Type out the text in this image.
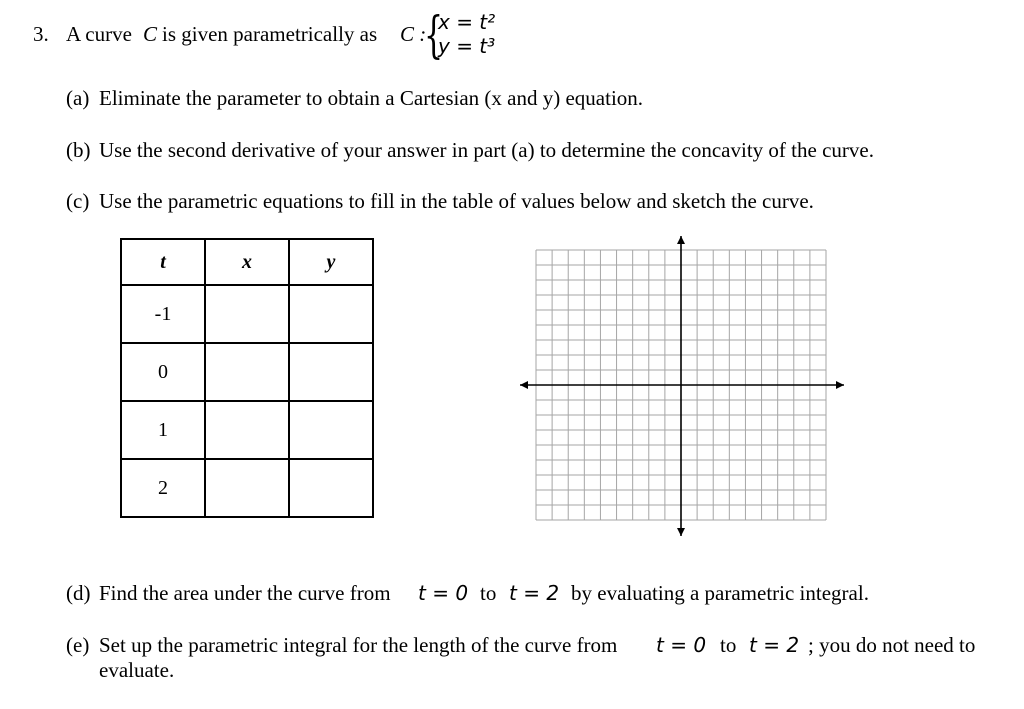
3. A curve C is given parametrically as C :
{
x = t²
y = t³
(a) Eliminate the parameter to obtain a Cartesian (x and y) equation.
(b) Use the second derivative of your answer in part (a) to determine the concavity of the curve.
(c) Use the parametric equations to fill in the table of values below and sketch the curve.
t	x	y
-1		
0		
1		
2		
(d) Find the area under the curve from t = 0 to t = 2 by evaluating a parametric integral.
(e) Set up the parametric integral for the length of the curve from t = 0 to t = 2 ; you do not need to
evaluate.
